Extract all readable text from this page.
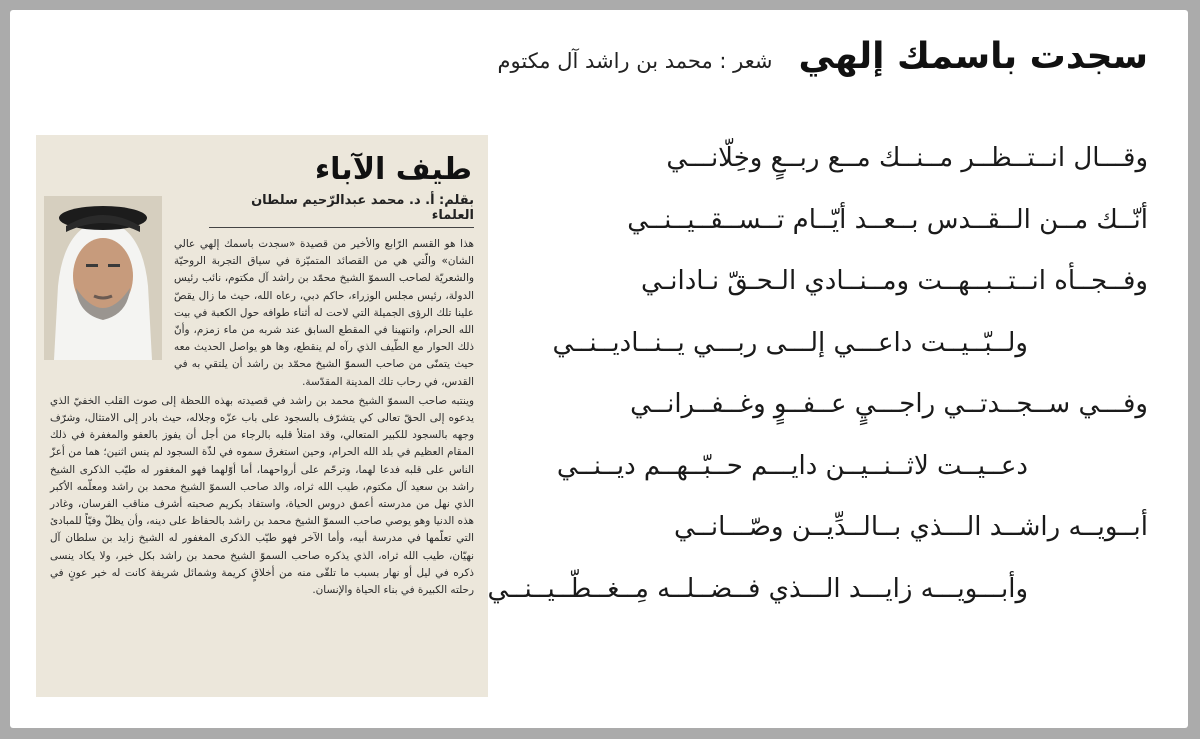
سجدت باسمك إلهي
شعر : محمد بن راشد آل مكتوم
وقـــال انــتــظــر مــنــك مــع ربــعٍ وخِلّانـــي
أنّــك مــن الــقــدس بــعــد أيّــام تــســقــيــنــي
وفــجــأه انــتــبــهــت ومــنــادي الـحـقّ نـادانـي
ولــبّــيــت داعـــي إلـــى ربـــي يــنــاديــنــي
وفـــي ســجــدتــي راجـــيٍ عــفــوٍ وغــفــرانــي
دعــيــت لاثــنــيــن دايـــم حــبّــهــم ديــنــي
أبــويــه راشــد الـــذي بــالــدِّيــن وصّـــانــي
وأبـــويـــه زايـــد الـــذي فــضــلــه مِــغــطّــيــنــي
طيف الآباء
بقلم: أ. د. محمد عبدالرّحيم سلطان العلماء

هذا هو القسم الرّابع والأخير من قصيدة «سجدت باسمك إلهي عالي الشان» والّتي هي من القصائد المتميّزة في سياق التجربة الروحيّة والشعريّة لصاحب السموّ الشيخ محمّد بن راشد آل مكتوم، نائب رئيس الدولة، رئيس مجلس الوزراء، حاكم دبي، رعاه الله، حيث ما زال يقصّ علينا تلك الرؤى الجميلة التي لاحت له أثناء طوافه حول الكعبة في بيت الله الحرام، وانتهينا في المقطع السابق عند شربه من ماء زمزم، وأنّ ذلك الحوار مع الطّيف الذي رآه لم ينقطع، وها هو يواصل الحديث معه حيث يتمنّى من صاحب السموّ الشيخ محمّد بن راشد أن يلتقي به في القدس، في رحاب تلك المدينة المقدّسة.

وينتبه صاحب السموّ الشيخ محمد بن راشد في قصيدته بهذه اللحظة إلى صوت القلب الخفيّ الذي يدعوه إلى الحقّ تعالى كي يتشرّف بالسجود على باب عزّه وجلاله، حيث بادر إلى الامتثال، وشرّف وجهه بالسجود للكبير المتعالي، وقد امتلأ قلبه بالرجاء من أجل أن يفوز بالعفو والمغفرة في ذلك المقام العظيم في بلد الله الحرام، وحين استغرق سموه في لذّة السجود لم ينس اثنين؛ هما من أعزّ الناس على قلبه فدعا لهما، وترحّم على أرواحهما، أما أوّلهما فهو المغفور له طيّب الذكرى الشيخ راشد بن سعيد آل مكتوم، طيب الله ثراه، والد صاحب السموّ الشيخ محمد بن راشد ومعلّمه الأكبر الذي نهل من مدرسته أعمق دروس الحياة، واستفاد بكريم صحبته أشرف مناقب الفرسان، وغادر هذه الدنيا وهو يوصي صاحب السموّ الشيخ محمد بن راشد بالحفاظ على دينه، وأن يظلّ وفيّاً للمبادئ التي تعلّمها في مدرسة أبيه، وأما الآخر فهو طيّب الذكرى المغفور له الشيخ زايد بن سلطان آل نهيّان، طيب الله ثراه، الذي يذكره صاحب السموّ الشيخ محمد بن راشد بكل خير، ولا يكاد ينسى ذكره في ليل أو نهار بسبب ما تلقّى منه من أخلاقٍ كريمة وشمائل شريفة كانت له خير عونٍ في رحلته الكبيرة في بناء الحياة والإنسان.
